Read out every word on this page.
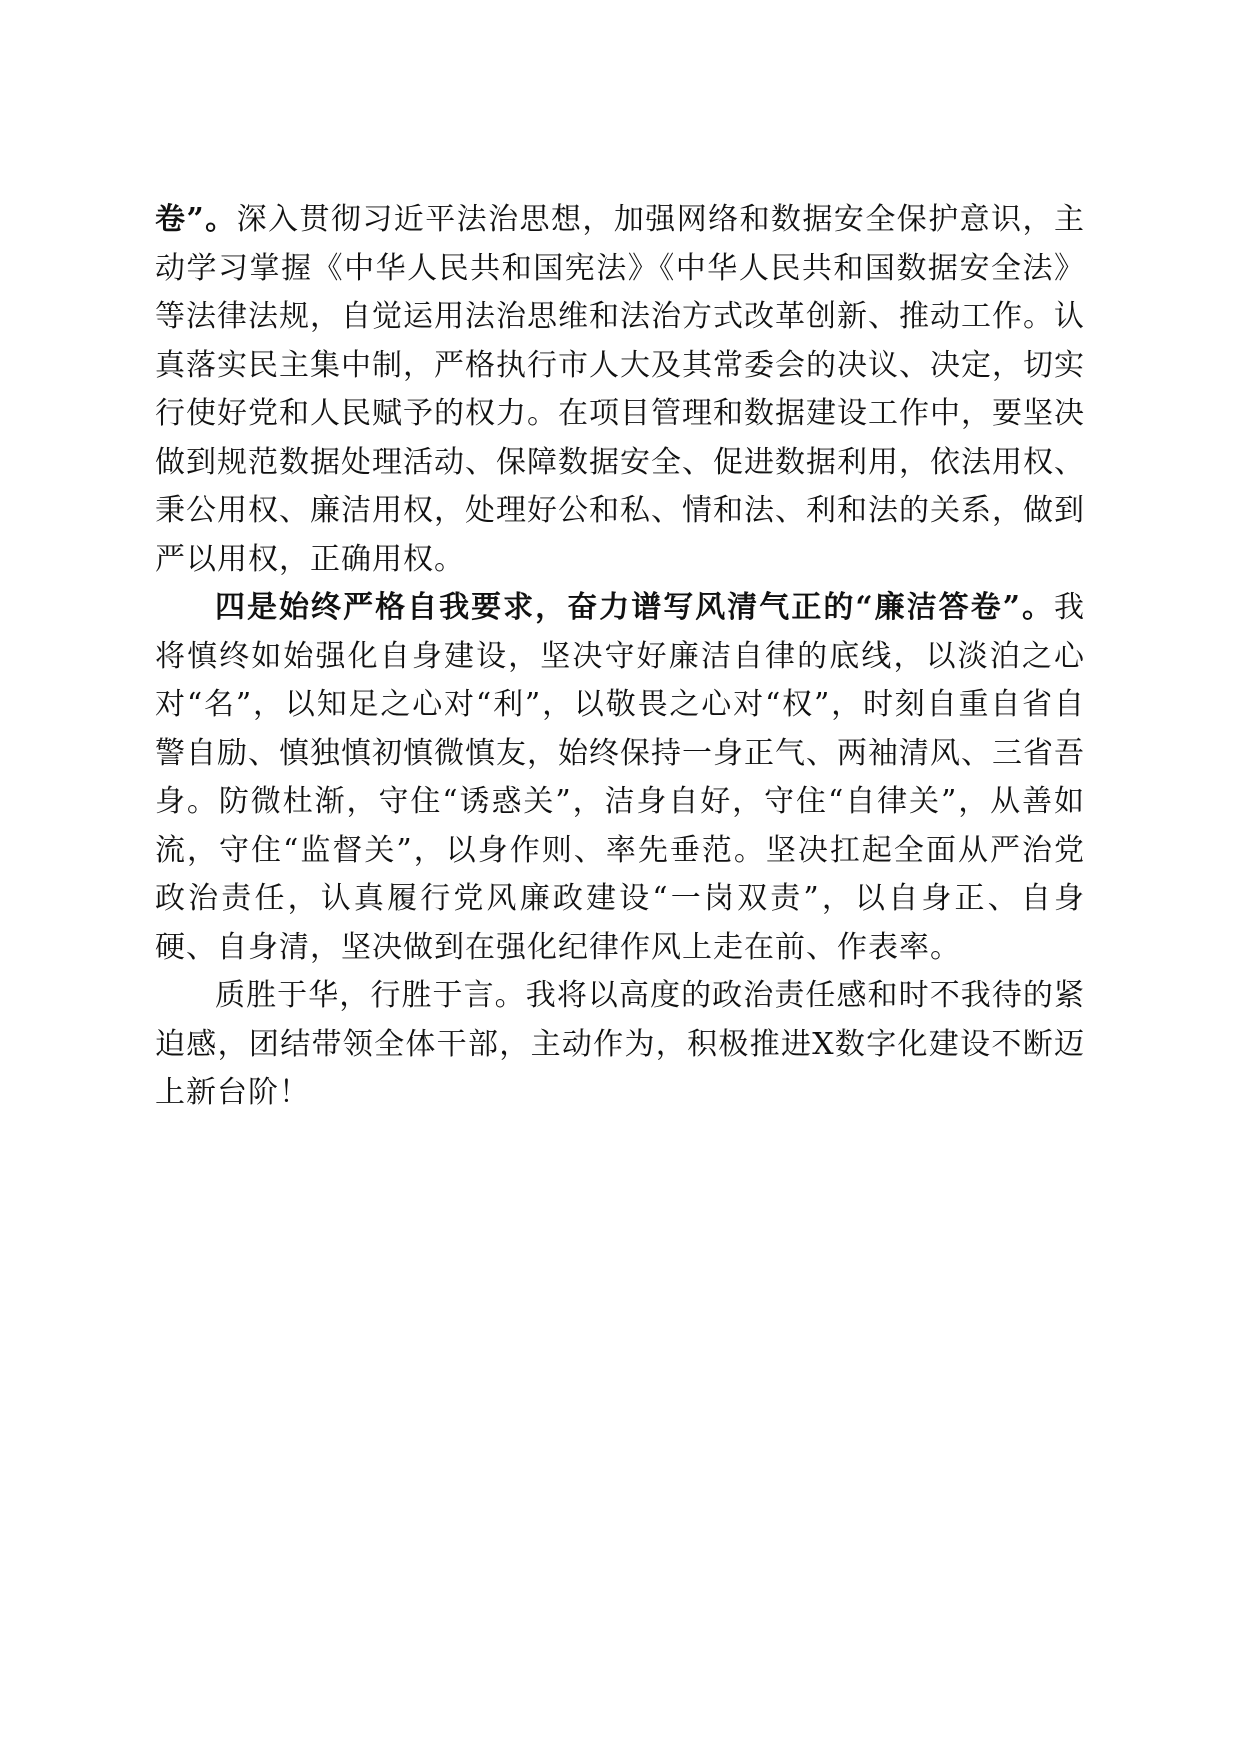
卷”。深入贯彻习近平法治思想，加强网络和数据安全保护意识，主动学习掌握《中华人民共和国宪法》《中华人民共和国数据安全法》等法律法规，自觉运用法治思维和法治方式改革创新、推动工作。认真落实民主集中制，严格执行市人大及其常委会的决议、决定，切实行使好党和人民赋予的权力。在项目管理和数据建设工作中，要坚决做到规范数据处理活动、保障数据安全、促进数据利用，依法用权、秉公用权、廉洁用权，处理好公和私、情和法、利和法的关系，做到严以用权，正确用权。

四是始终严格自我要求，奋力谱写风清气正的“廉洁答卷”。我将慎终如始强化自身建设，坚决守好廉洁自律的底线，以淡泊之心对“名”，以知足之心对“利”，以敬畏之心对“权”，时刻自重自省自警自励、慎独慎初慎微慎友，始终保持一身正气、两袖清风、三省吾身。防微杜渐，守住“诱惑关”，洁身自好，守住“自律关”，从善如流，守住“监督关”，以身作则、率先垂范。坚决扛起全面从严治党政治责任，认真履行党风廉政建设“一岗双责”，以自身正、自身硬、自身清，坚决做到在强化纪律作风上走在前、作表率。

质胜于华，行胜于言。我将以高度的政治责任感和时不我待的紧迫感，团结带领全体干部，主动作为，积极推进X数字化建设不断迈上新台阶！
